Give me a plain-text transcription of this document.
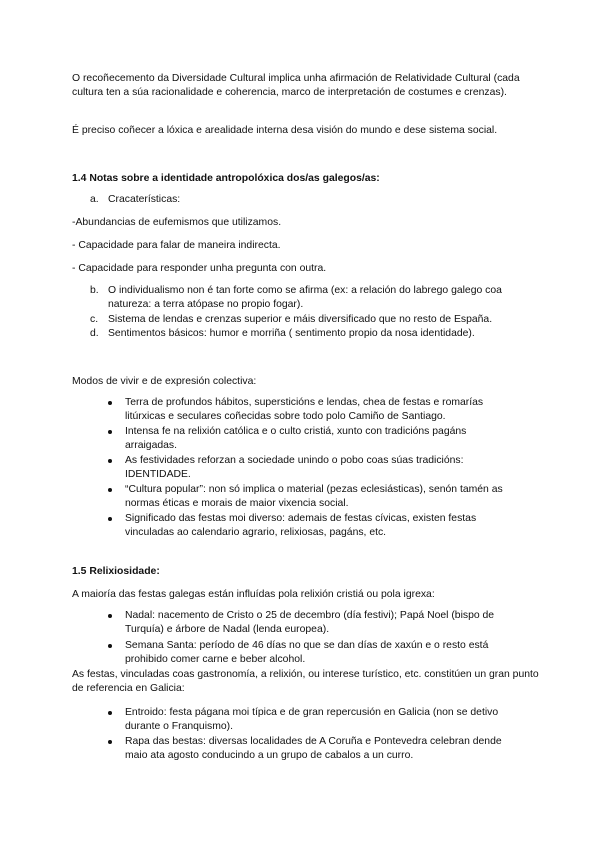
O recoñecemento da Diversidade Cultural implica unha afirmación de Relatividade Cultural (cada cultura ten a súa racionalidade e coherencia, marco de interpretación de costumes e crenzas).

É preciso coñecer a lóxica e arealidade interna desa visión do mundo e dese sistema social.

1.4 Notas sobre a identidade antropolóxica dos/as galegos/as:

a. Cracaterísticas:

-Abundancias de eufemismos que utilizamos.

- Capacidade para falar de maneira indirecta.

- Capacidade para responder unha pregunta con outra.

b. O individualismo non é tan forte como se afirma (ex: a relación do labrego galego coa natureza: a terra atópase no propio fogar).
c. Sistema de lendas e crenzas superior e máis diversificado que no resto de España.
d. Sentimentos básicos: humor e morriña ( sentimento propio da nosa identidade).

Modos de vivir e de expresión colectiva:

Terra de profundos hábitos, supersticións e lendas, chea de festas e romarías litúrxicas e seculares coñecidas sobre todo polo Camiño de Santiago.
Intensa fe na relixión católica e o culto cristiá, xunto con tradicións pagáns arraigadas.
As festividades reforzan a sociedade unindo o pobo coas súas tradicións: IDENTIDADE.
“Cultura popular”: non só implica o material (pezas eclesiásticas), senón tamén as normas éticas e morais de maior vixencia social.
Significado das festas moi diverso: ademais de festas cívicas, existen festas vinculadas ao calendario agrario, relixiosas, pagáns, etc.

1.5 Relixiosidade:

A maioría das festas galegas están influídas pola relixión cristiá ou pola igrexa:

Nadal: nacemento de Cristo o 25 de decembro (día festivi); Papá Noel (bispo de Turquía) e árbore de Nadal (lenda europea).
Semana Santa: período de 46 días no que se dan días de xaxún e o resto está prohibido comer carne e beber alcohol.

As festas, vinculadas coas gastronomía, a relixión, ou interese turístico, etc. constitúen un gran punto de referencia en Galicia:

Entroido: festa págana moi típica e de gran repercusión en Galicia (non se detivo durante o Franquismo).
Rapa das bestas: diversas localidades de A Coruña e Pontevedra celebran dende maio ata agosto conducindo a un grupo de cabalos a un curro.
